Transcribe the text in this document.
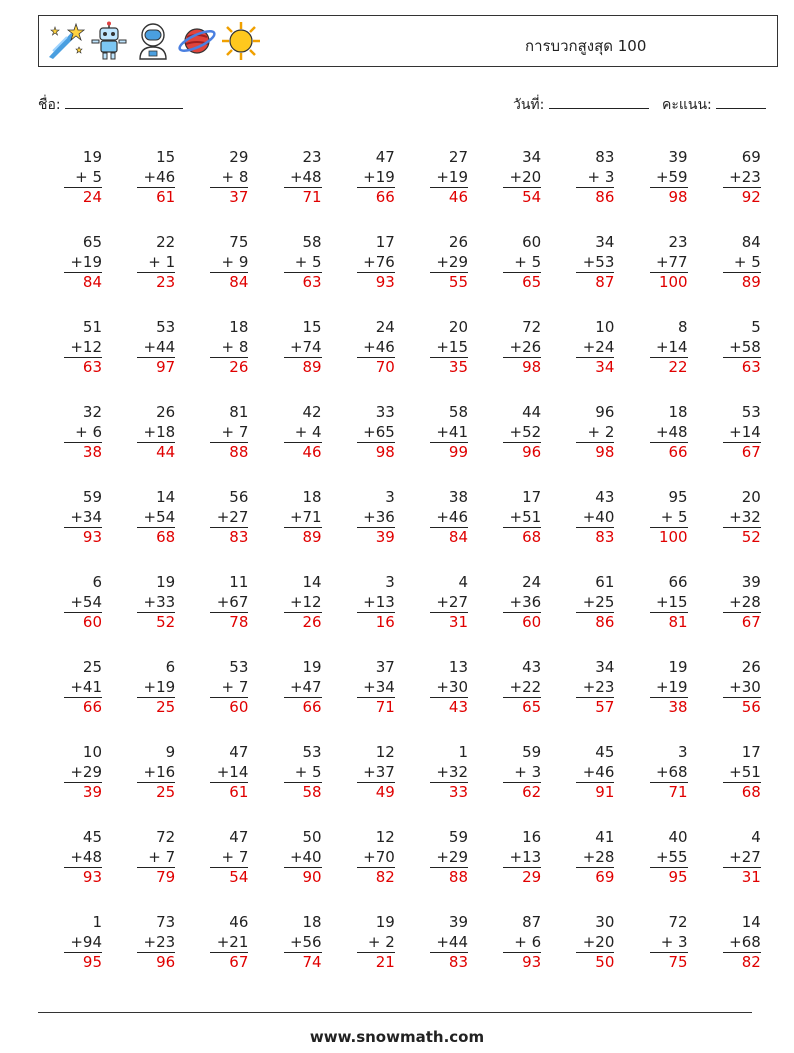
การบวกสูงสุด 100
ชื่อ:	วันที่:	คะแนน:
19
+ 5
24
15
+46
61
29
+ 8
37
23
+48
71
47
+19
66
27
+19
46
34
+20
54
83
+ 3
86
39
+59
98
69
+23
92
65
+19
84
22
+ 1
23
75
+ 9
84
58
+ 5
63
17
+76
93
26
+29
55
60
+ 5
65
34
+53
87
23
+77
100
84
+ 5
89
51
+12
63
53
+44
97
18
+ 8
26
15
+74
89
24
+46
70
20
+15
35
72
+26
98
10
+24
34
8
+14
22
5
+58
63
32
+ 6
38
26
+18
44
81
+ 7
88
42
+ 4
46
33
+65
98
58
+41
99
44
+52
96
96
+ 2
98
18
+48
66
53
+14
67
59
+34
93
14
+54
68
56
+27
83
18
+71
89
3
+36
39
38
+46
84
17
+51
68
43
+40
83
95
+ 5
100
20
+32
52
6
+54
60
19
+33
52
11
+67
78
14
+12
26
3
+13
16
4
+27
31
24
+36
60
61
+25
86
66
+15
81
39
+28
67
25
+41
66
6
+19
25
53
+ 7
60
19
+47
66
37
+34
71
13
+30
43
43
+22
65
34
+23
57
19
+19
38
26
+30
56
10
+29
39
9
+16
25
47
+14
61
53
+ 5
58
12
+37
49
1
+32
33
59
+ 3
62
45
+46
91
3
+68
71
17
+51
68
45
+48
93
72
+ 7
79
47
+ 7
54
50
+40
90
12
+70
82
59
+29
88
16
+13
29
41
+28
69
40
+55
95
4
+27
31
1
+94
95
73
+23
96
46
+21
67
18
+56
74
19
+ 2
21
39
+44
83
87
+ 6
93
30
+20
50
72
+ 3
75
14
+68
82
www.snowmath.com
